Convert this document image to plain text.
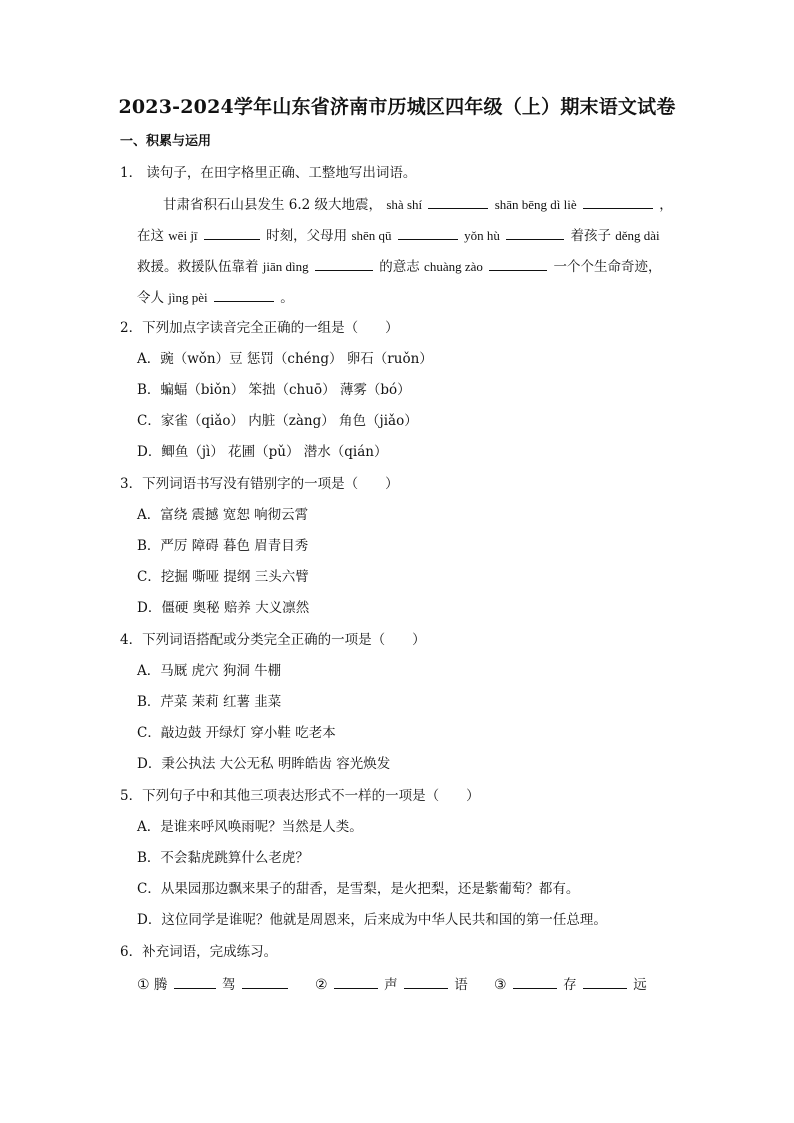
2023-2024学年山东省济南市历城区四年级（上）期末语文试卷
一、积累与运用
1． 读句子，在田字格里正确、工整地写出词语。
甘肃省积石山县发生 6.2 级大地震， shà shí	shān bēng dì liè	，
在这 wēi jī	时刻，父母用 shēn qū	yǒn hù	着孩子 děng dài
救援。救援队伍靠着 jiān dìng	的意志 chuàng zào	一个个生命奇迹，
令人 jìng pèi	。
2．下列加点字读音完全正确的一组是（　　）
A．豌（wǒn）豆 惩罚（chéng） 卵石（ruǒn）
B．蝙蝠（biǒn） 笨拙（chuō） 薄雾（bó）
C．家雀（qiǎo） 内脏（zàng） 角色（jiǎo）
D．鲫鱼（jì） 花圃（pǔ） 潜水（qián）
3．下列词语书写没有错别字的一项是（　　）
A．富绕 震撼 宽恕 响彻云霄
B．严厉 障碍 暮色 眉青目秀
C．挖掘 嘶哑 提纲 三头六臂
D．僵硬 奥秘 赔养 大义凛然
4．下列词语搭配或分类完全正确的一项是（　　）
A．马厩 虎穴 狗洞 牛棚
B．芹菜 茉莉 红薯 韭菜
C．敲边鼓 开绿灯 穿小鞋 吃老本
D．秉公执法 大公无私 明眸皓齿 容光焕发
5．下列句子中和其他三项表达形式不一样的一项是（　　）
A．是谁来呼风唤雨呢？当然是人类。
B．不会黏虎跳算什么老虎？
C．从果园那边飘来果子的甜香，是雪梨，是火把梨，还是紫葡萄？都有。
D．这位同学是谁呢？他就是周恩来，后来成为中华人民共和国的第一任总理。
6．补充词语，完成练习。
① 腾	驾	②	声	语 ③	存	远
